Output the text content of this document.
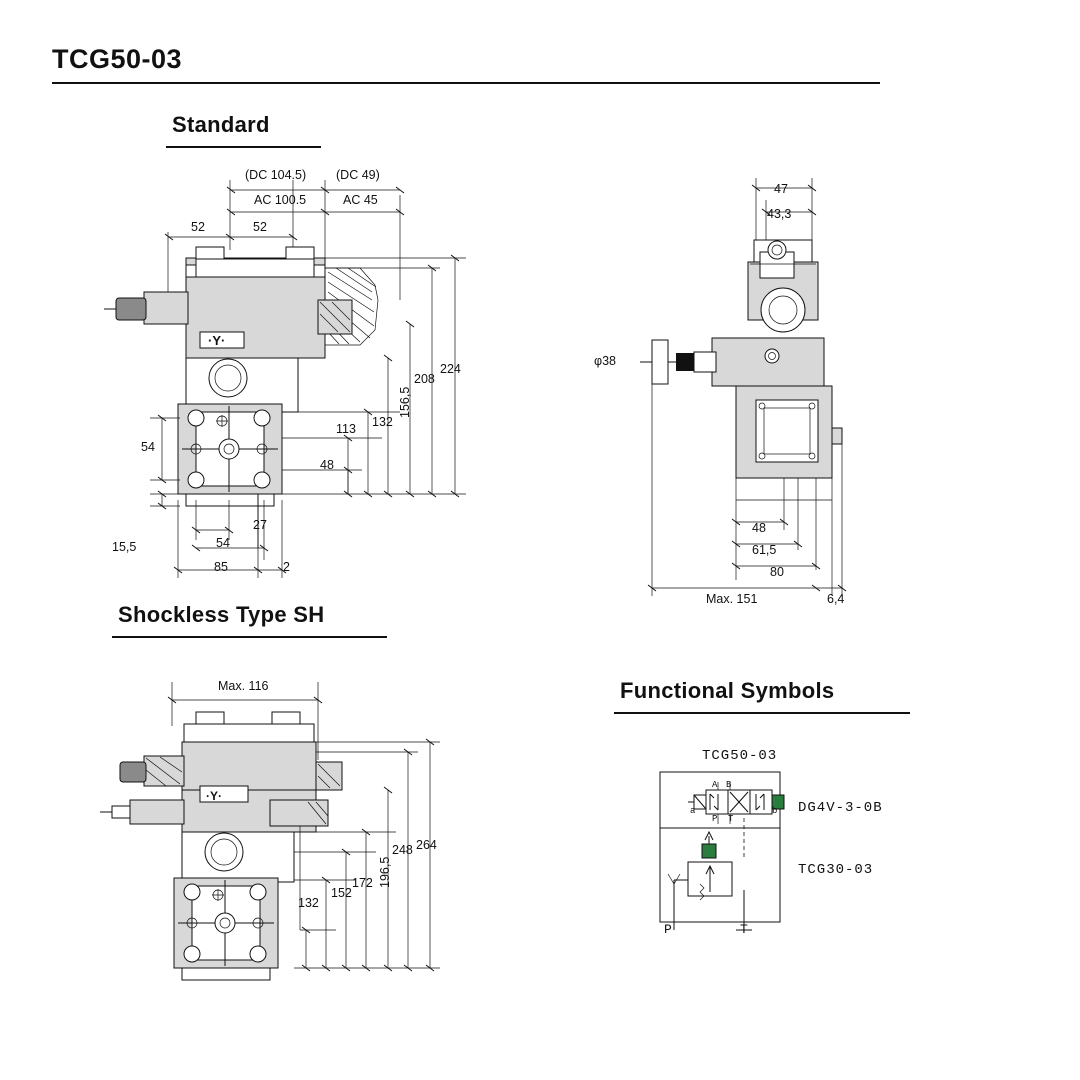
TCG50-03
Standard
Shockless Type SH
Functional Symbols
·Y·
(DC 104.5)
AC 100.5
(DC 49)
AC 45
52	52
224
208
156,5
132
113
48
54
15,5
27
54
85	2
47
43,3
φ38
48
61,5
80
Max. 151	6,4
·Y·
Max. 116
264
248
196,5
172
152
132
TCG50-03
A B
a	b
P T
DG4V-3-0B
TCG30-03
P	T
